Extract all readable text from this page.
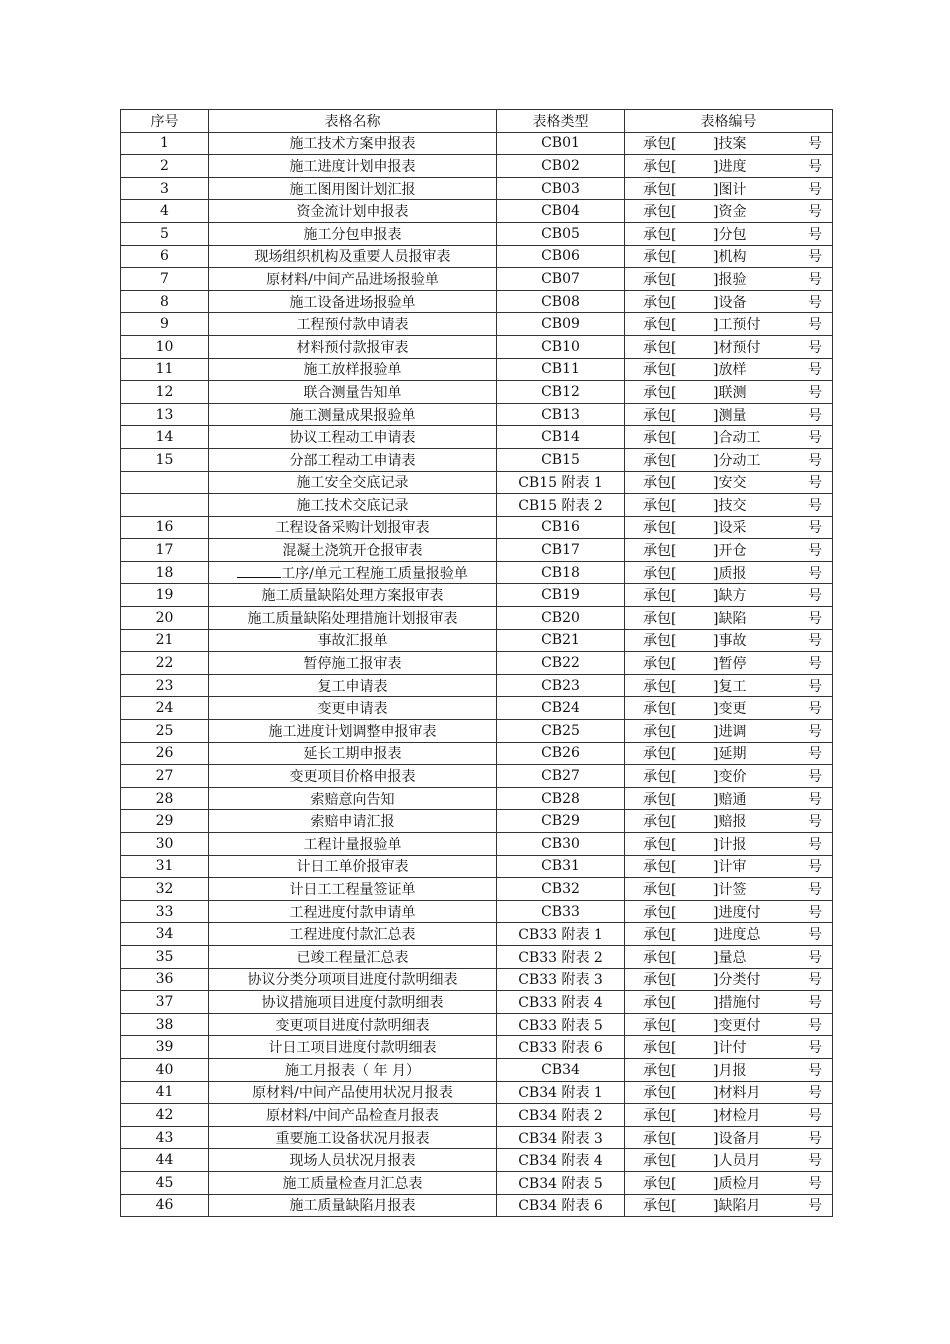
序号	表格名称	表格类型	表格编号
1	施工技术方案申报表	CB01	承包[ ]技案 号

2	施工进度计划申报表	CB02	承包[ ]进度 号

3	施工图用图计划汇报	CB03	承包[ ]图计 号

4	资金流计划申报表	CB04	承包[ ]资金 号

5	施工分包申报表	CB05	承包[ ]分包 号

6	现场组织机构及重要人员报审表	CB06	承包[ ]机构 号

7	原材料/中间产品进场报验单	CB07	承包[ ]报验 号

8	施工设备进场报验单	CB08	承包[ ]设备 号

9	工程预付款申请表	CB09	承包[ ]工预付 号

10	材料预付款报审表	CB10	承包[ ]材预付 号

11	施工放样报验单	CB11	承包[ ]放样 号

12	联合测量告知单	CB12	承包[ ]联测 号

13	施工测量成果报验单	CB13	承包[ ]测量 号

14	协议工程动工申请表	CB14	承包[ ]合动工 号

15	分部工程动工申请表	CB15	承包[ ]分动工 号

	施工安全交底记录	CB15 附表 1	承包[ ]安交 号

	施工技术交底记录	CB15 附表 2	承包[ ]技交 号

16	工程设备采购计划报审表	CB16	承包[ ]设采 号

17	混凝土浇筑开仓报审表	CB17	承包[ ]开仓 号

18	工序/单元工程施工质量报验单	CB18	承包[ ]质报 号

19	施工质量缺陷处理方案报审表	CB19	承包[ ]缺方 号

20	施工质量缺陷处理措施计划报审表	CB20	承包[ ]缺陷 号

21	事故汇报单	CB21	承包[ ]事故 号

22	暂停施工报审表	CB22	承包[ ]暂停 号

23	复工申请表	CB23	承包[ ]复工 号

24	变更申请表	CB24	承包[ ]变更 号

25	施工进度计划调整申报审表	CB25	承包[ ]进调 号

26	延长工期申报表	CB26	承包[ ]延期 号

27	变更项目价格申报表	CB27	承包[ ]变价 号

28	索赔意向告知	CB28	承包[ ]赔通 号

29	索赔申请汇报	CB29	承包[ ]赔报 号

30	工程计量报验单	CB30	承包[ ]计报 号

31	计日工单价报审表	CB31	承包[ ]计审 号

32	计日工工程量签证单	CB32	承包[ ]计签 号

33	工程进度付款申请单	CB33	承包[ ]进度付 号

34	工程进度付款汇总表	CB33 附表 1	承包[ ]进度总 号

35	已竣工程量汇总表	CB33 附表 2	承包[ ]量总 号

36	协议分类分项项目进度付款明细表	CB33 附表 3	承包[ ]分类付 号

37	协议措施项目进度付款明细表	CB33 附表 4	承包[ ]措施付 号

38	变更项目进度付款明细表	CB33 附表 5	承包[ ]变更付 号

39	计日工项目进度付款明细表	CB33 附表 6	承包[ ]计付 号

40	施工月报表（ 年 月）	CB34	承包[ ]月报 号

41	原材料/中间产品使用状况月报表	CB34 附表 1	承包[ ]材料月 号

42	原材料/中间产品检查月报表	CB34 附表 2	承包[ ]材检月 号

43	重要施工设备状况月报表	CB34 附表 3	承包[ ]设备月 号

44	现场人员状况月报表	CB34 附表 4	承包[ ]人员月 号

45	施工质量检查月汇总表	CB34 附表 5	承包[ ]质检月 号

46	施工质量缺陷月报表	CB34 附表 6	承包[ ]缺陷月 号
